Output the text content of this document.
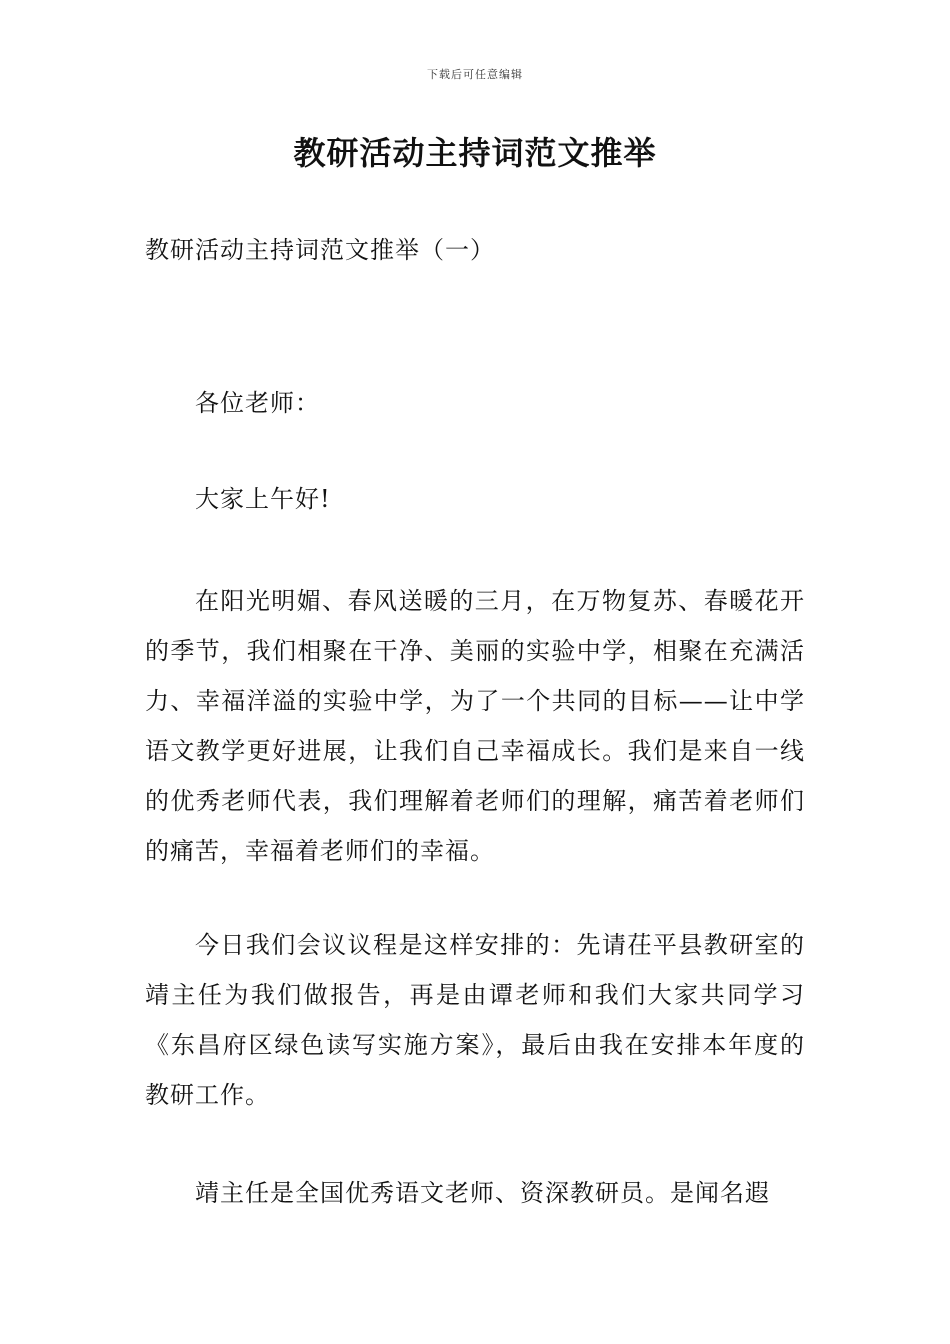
下载后可任意编辑
教研活动主持词范文推举
教研活动主持词范文推举（一）

各位老师：

大家上午好!

在阳光明媚、春风送暖的三月，在万物复苏、春暖花开的季节，我们相聚在干净、美丽的实验中学，相聚在充满活力、幸福洋溢的实验中学，为了一个共同的目标——让中学语文教学更好进展，让我们自己幸福成长。我们是来自一线的优秀老师代表，我们理解着老师们的理解，痛苦着老师们的痛苦，幸福着老师们的幸福。

今日我们会议议程是这样安排的：先请茌平县教研室的靖主任为我们做报告，再是由谭老师和我们大家共同学习《东昌府区绿色读写实施方案》，最后由我在安排本年度的教研工作。

靖主任是全国优秀语文老师、资深教研员。是闻名遐
